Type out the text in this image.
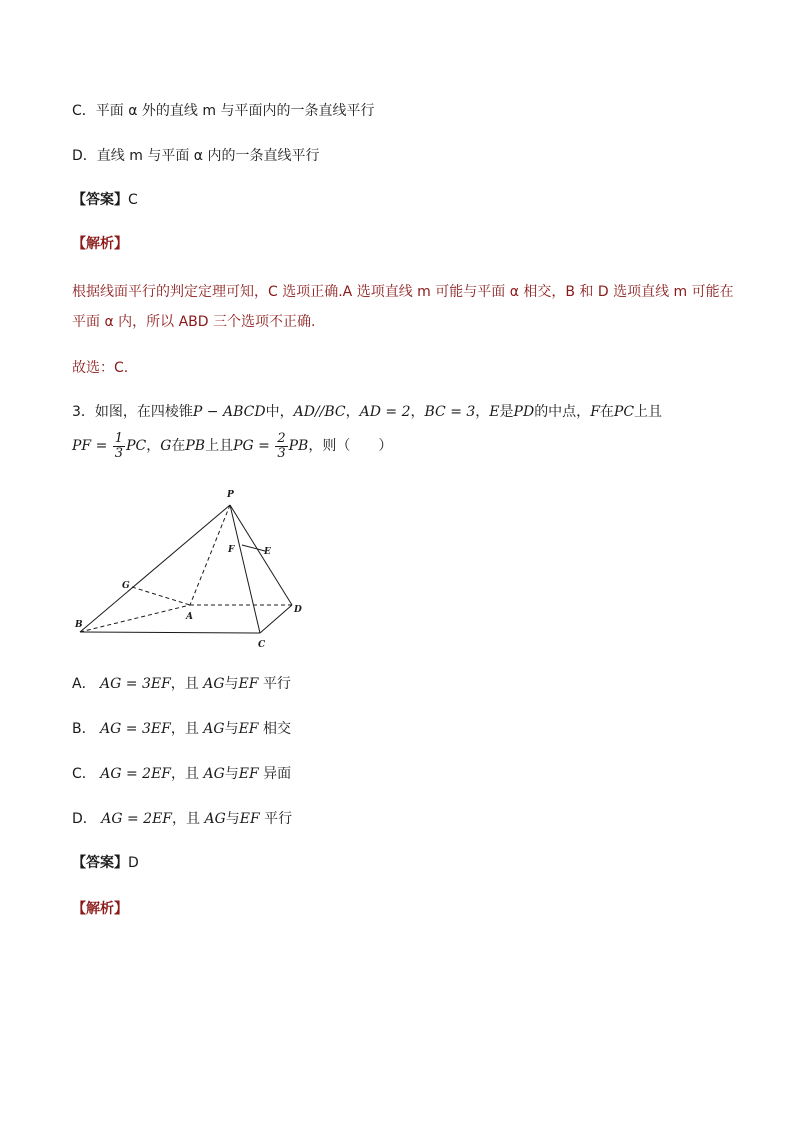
C．平面 α 外的直线 m 与平面内的一条直线平行
D．直线 m 与平面 α 内的一条直线平行
【答案】C
【解析】
根据线面平行的判定定理可知，C 选项正确.A 选项直线 m 可能与平面 α 相交，B 和 D 选项直线 m 可能在
平面 α 内，所以 ABD 三个选项不正确.
故选：C.
3．如图，在四棱锥P − ABCD中，AD//BC，AD = 2，BC = 3，E是PD的中点，F在PC上且
PF = $\frac{1}{3}$ PC，G在PB上且PG = $\frac{2}{3}$ PB，则（　　）
P
F	E
G
A
D
B
C
A． AG = 3EF，且 AG与EF 平行
B． AG = 3EF，且 AG与EF 相交
C． AG = 2EF，且 AG与EF 异面
D． AG = 2EF，且 AG与EF 平行
【答案】D
【解析】
